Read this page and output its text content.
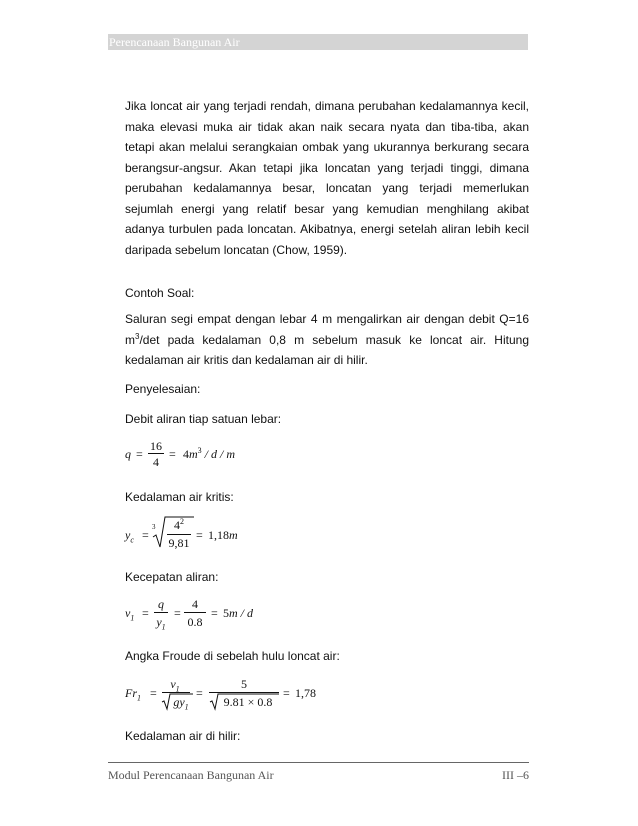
Perencanaan Bangunan Air
Jika loncat air yang terjadi rendah, dimana perubahan kedalamannya kecil,
maka elevasi muka air tidak akan naik secara nyata dan tiba-tiba, akan
tetapi akan melalui serangkaian ombak yang ukurannya berkurang secara
berangsur-angsur. Akan tetapi jika loncatan yang terjadi tinggi, dimana
perubahan kedalamannya besar, loncatan yang terjadi memerlukan
sejumlah energi yang relatif besar yang kemudian menghilang akibat
adanya turbulen pada loncatan. Akibatnya, energi setelah aliran lebih kecil
daripada sebelum loncatan (Chow, 1959).
Contoh Soal:
Saluran segi empat dengan lebar 4 m mengalirkan air dengan debit Q=16
$m^3/\det$ pada kedalaman 0,8 m sebelum masuk ke loncat air. Hitung
kedalaman air kritis dan kedalaman air di hilir.
Penyelesaian:
Debit aliran tiap satuan lebar:
q =
16
4
= $4m^3$ / d / m
Kedalaman air kritis:
$y_c$ =
3	$4^2$
9,81
= 1,18m
Kecepatan aliran:
$v_1$ =
q
$y_1$
=
4
0.8
= 5m / d
Angka Froude di sebelah hulu loncat air:
$Fr_1$ =
$v_1$
$gy_1$
=
5
9.81 × 0.8
= 1,78
Kedalaman air di hilir:
Modul Perencanaan Bangunan Air	III –6
